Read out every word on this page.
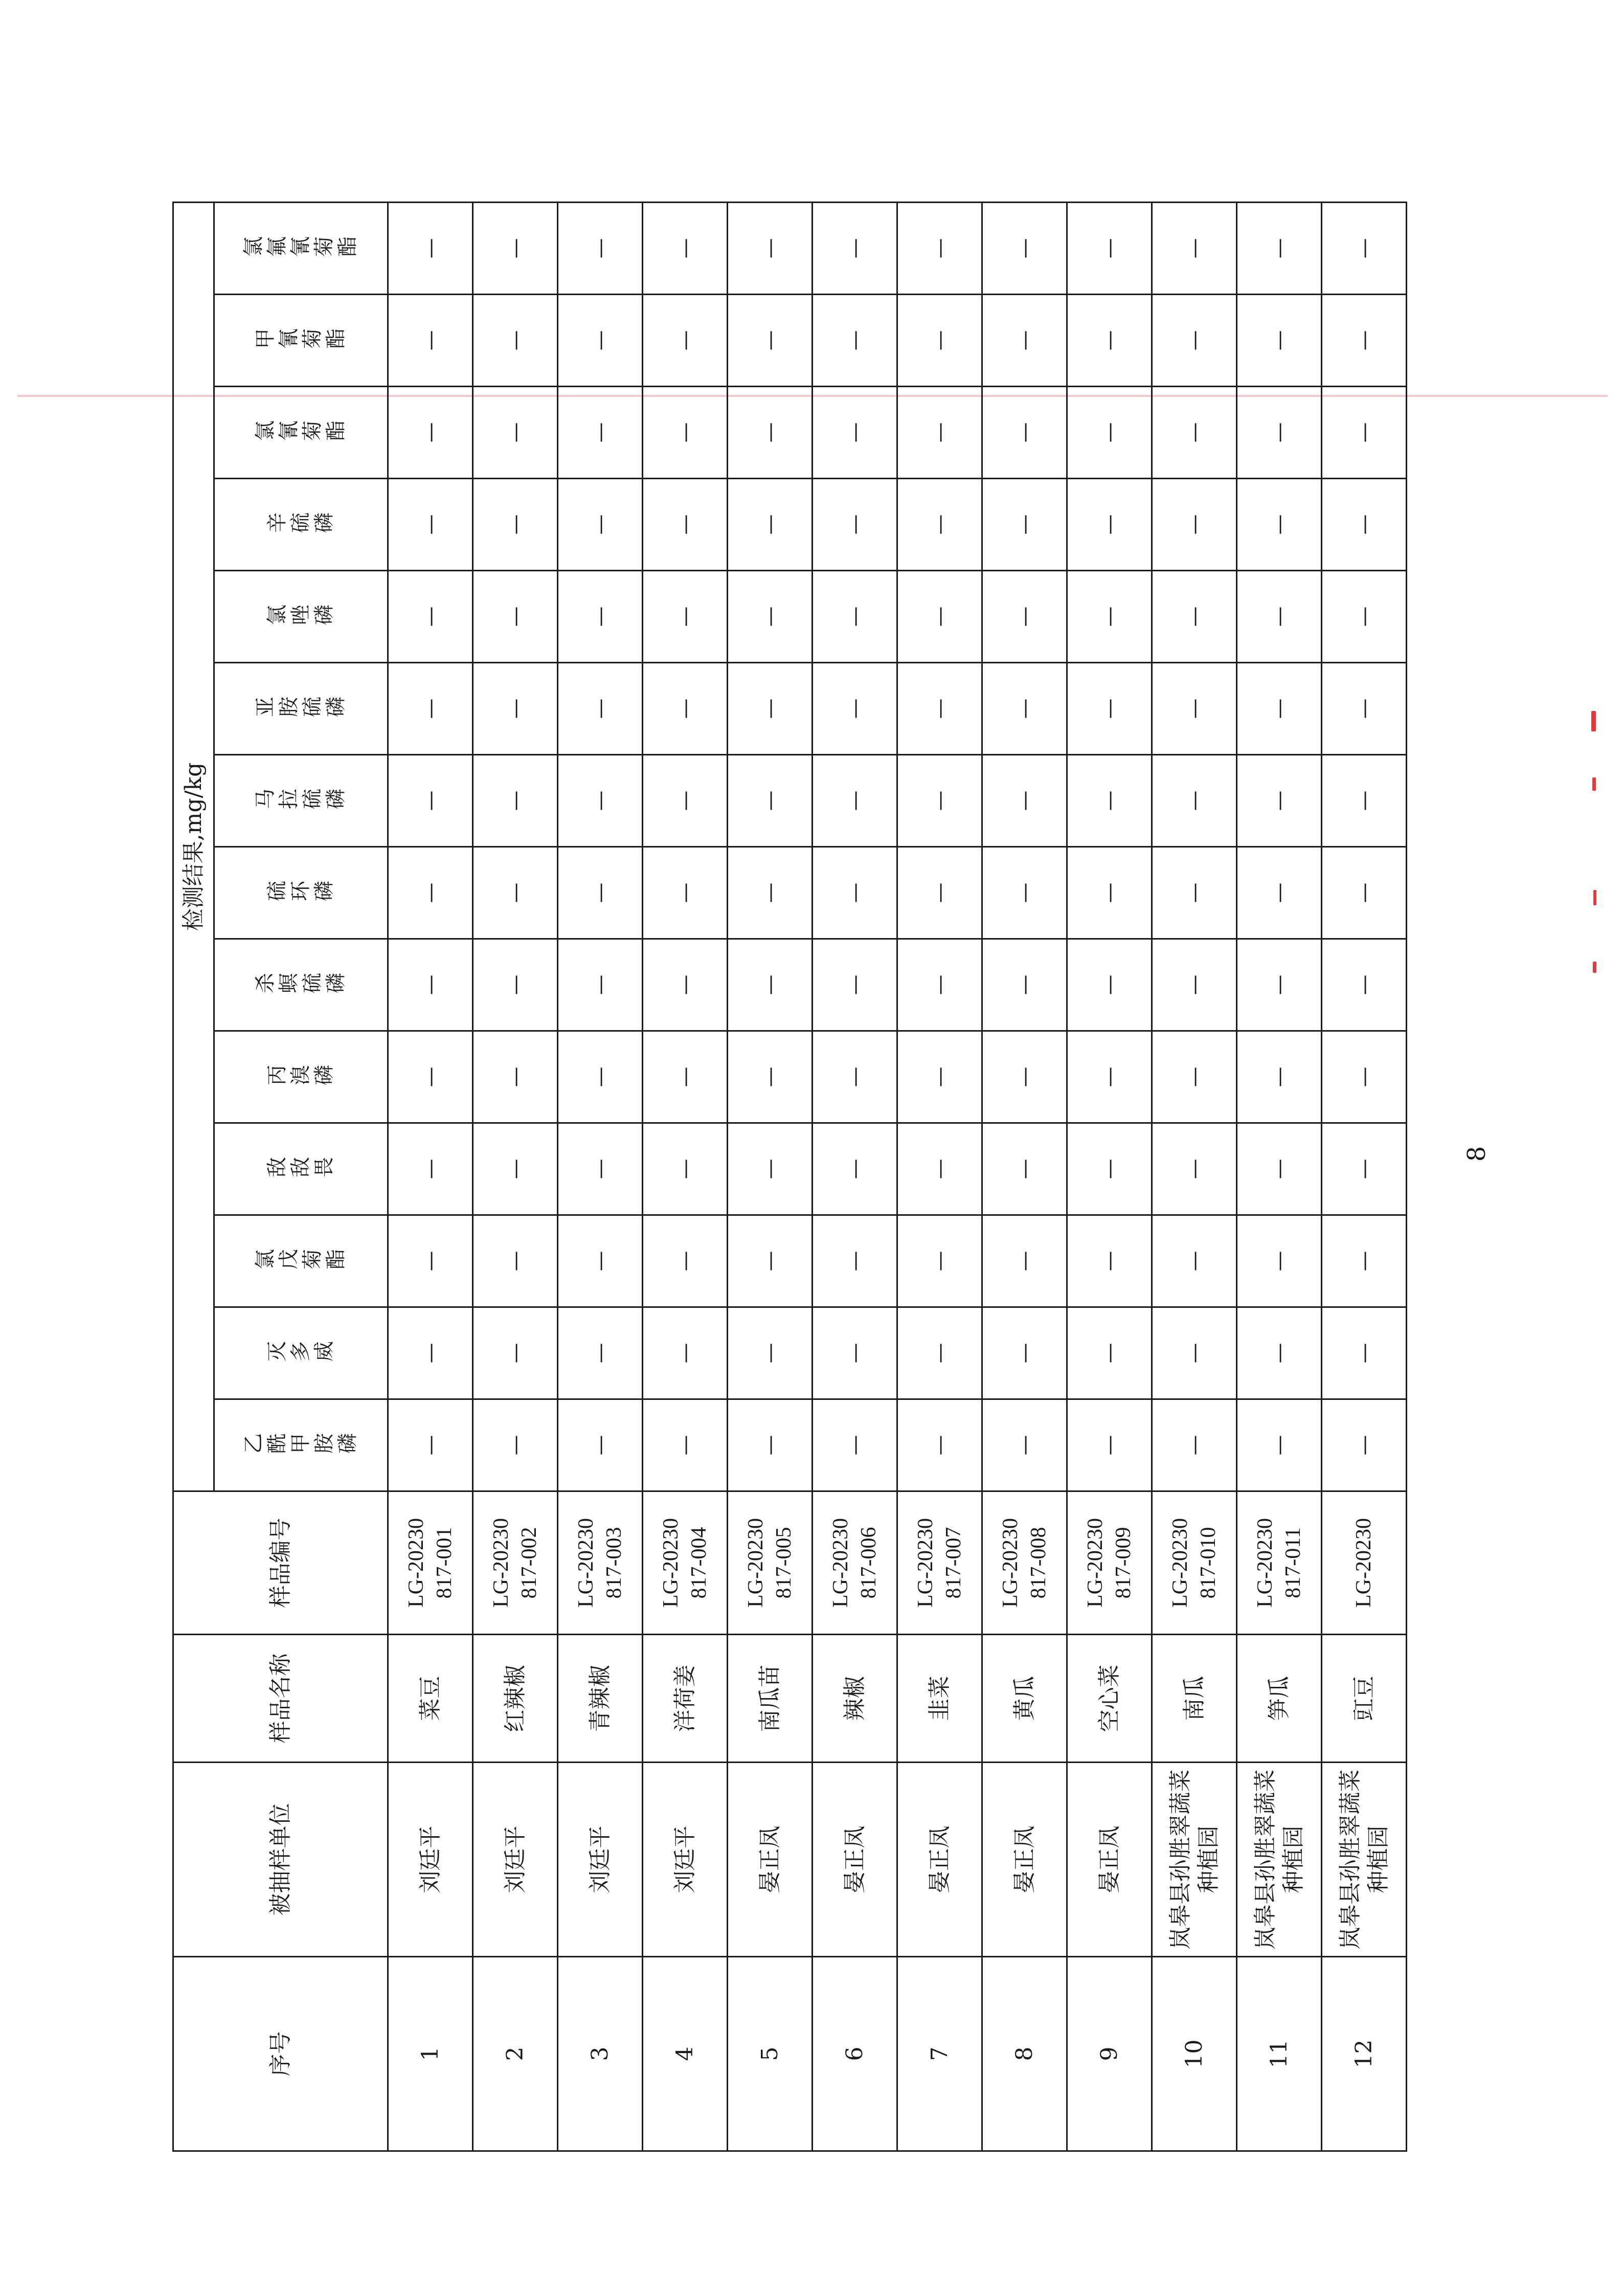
8
序号
被抽样单位
样品名称
样品编号
检测结果,mg/kg
乙酰甲胺磷
灭多威
氯戊菊酯
敌敌畏
丙溴磷
杀螟硫磷
硫环磷
马拉硫磷
亚胺硫磷
氯唑磷
辛硫磷
氯氰菊酯
甲氰菊酯
氯氟氰菊酯
1
刘廷平
菜豆
LG-20230 817-001
—
—
—
—
—
—
—
—
—
—
—
—
—
—
2
刘廷平
红辣椒
LG-20230 817-002
—
—
—
—
—
—
—
—
—
—
—
—
—
—
3
刘廷平
青辣椒
LG-20230 817-003
—
—
—
—
—
—
—
—
—
—
—
—
—
—
4
刘廷平
洋荷姜
LG-20230 817-004
—
—
—
—
—
—
—
—
—
—
—
—
—
—
5
晏正凤
南瓜苗
LG-20230 817-005
—
—
—
—
—
—
—
—
—
—
—
—
—
—
6
晏正凤
辣椒
LG-20230 817-006
—
—
—
—
—
—
—
—
—
—
—
—
—
—
7
晏正凤
韭菜
LG-20230 817-007
—
—
—
—
—
—
—
—
—
—
—
—
—
—
8
晏正凤
黄瓜
LG-20230 817-008
—
—
—
—
—
—
—
—
—
—
—
—
—
—
9
晏正凤
空心菜
LG-20230 817-009
—
—
—
—
—
—
—
—
—
—
—
—
—
—
10
岚皋县孙胜翠蔬菜种植园
南瓜
LG-20230 817-010
—
—
—
—
—
—
—
—
—
—
—
—
—
—
11
岚皋县孙胜翠蔬菜种植园
笋瓜
LG-20230 817-011
—
—
—
—
—
—
—
—
—
—
—
—
—
—
12
岚皋县孙胜翠蔬菜种植园
豇豆
LG-20230
—
—
—
—
—
—
—
—
—
—
—
—
—
—
